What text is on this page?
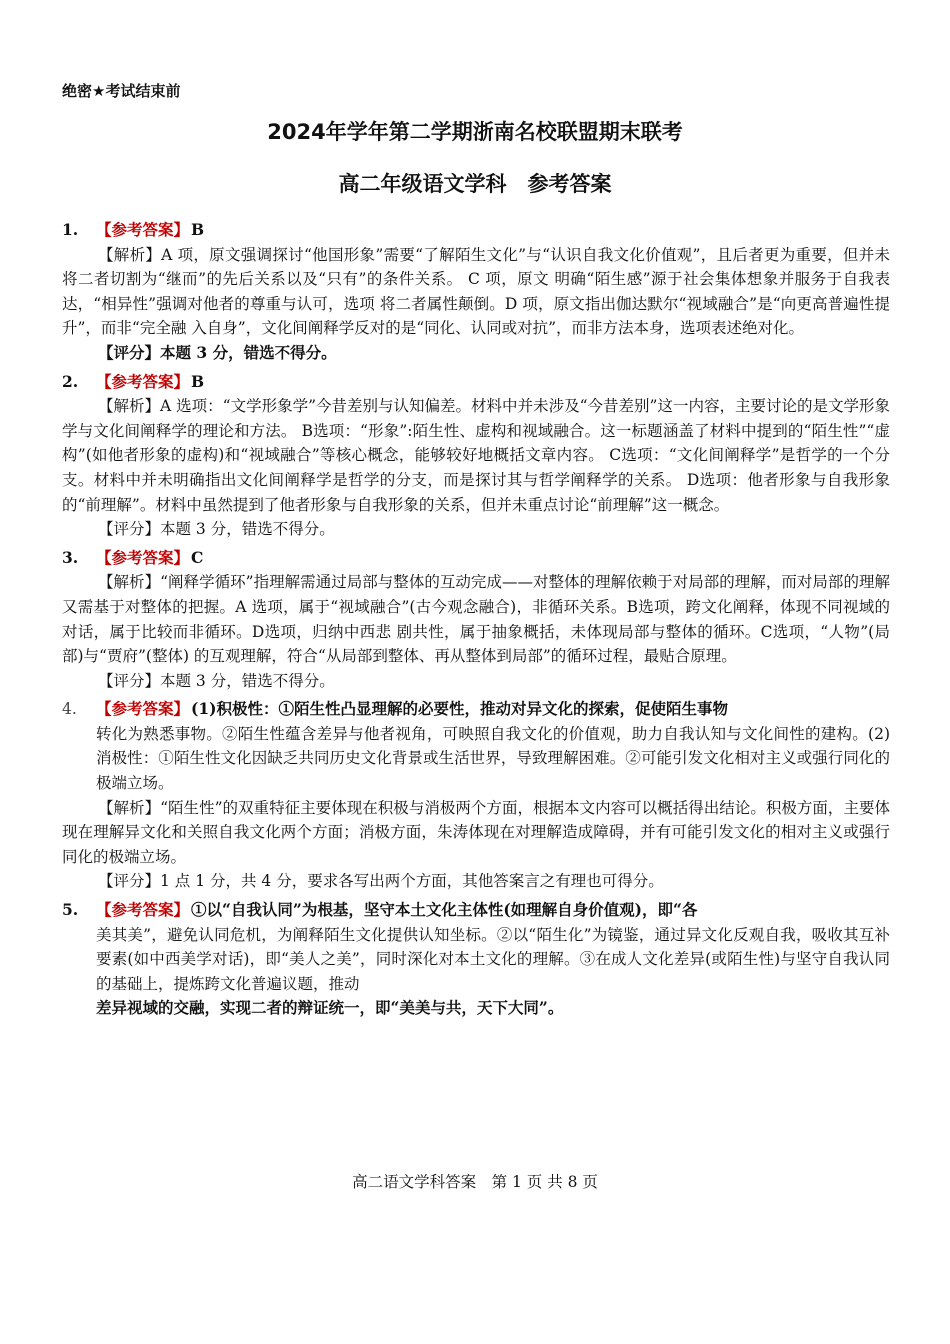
绝密★考试结束前
2024年学年第二学期浙南名校联盟期末联考
高二年级语文学科　参考答案
1.	【参考答案】 B

【解析】A 项，原文强调探讨“他国形象”需要“了解陌生文化”与“认识自我文化价值观”，且后者更为重要，但并未将二者切割为“继而”的先后关系以及“只有”的条件关系。 C 项，原文 明确“陌生感”源于社会集体想象并服务于自我表达，“相异性”强调对他者的尊重与认可，选项 将二者属性颠倒。D 项，原文指出伽达默尔“视域融合”是“向更高普遍性提升”，而非“完全融 入自身”，文化间阐释学反对的是“同化、认同或对抗”，而非方法本身，选项表述绝对化。

【评分】本题 3 分，错选不得分。

2.	【参考答案】 B

【解析】A 选项：“文学形象学”今昔差别与认知偏差。材料中并未涉及“今昔差别”这一内容，主要讨论的是文学形象学与文化间阐释学的理论和方法。 B选项：“形象”:陌生性、虚构和视域融合。这一标题涵盖了材料中提到的“陌生性”“虚构”(如他者形象的虚构)和“视域融合”等核心概念，能够较好地概括文章内容。 C选项：“文化间阐释学”是哲学的一个分支。材料中并未明确指出文化间阐释学是哲学的分支，而是探讨其与哲学阐释学的关系。 D选项：他者形象与自我形象的“前理解”。材料中虽然提到了他者形象与自我形象的关系，但并未重点讨论“前理解”这一概念。

【评分】本题 3 分，错选不得分。

3.	【参考答案】 C

【解析】“阐释学循环”指理解需通过局部与整体的互动完成——对整体的理解依赖于对局部的理解，而对局部的理解又需基于对整体的把握。A 选项，属于“视域融合”(古今观念融合)，非循环关系。B选项，跨文化阐释，体现不同视域的对话，属于比较而非循环。D选项，归纳中西悲 剧共性，属于抽象概括，未体现局部与整体的循环。C选项，“人物”(局部)与“贾府”(整体) 的互观理解，符合“从局部到整体、再从整体到局部”的循环过程，最贴合原理。

【评分】本题 3 分，错选不得分。

4.	【参考答案】 (1)积极性：①陌生性凸显理解的必要性，推动对异文化的探索，促使陌生事物

转化为熟悉事物。②陌生性蕴含差异与他者视角，可映照自我文化的价值观，助力自我认知与文化间性的建构。(2)消极性：①陌生性文化因缺乏共同历史文化背景或生活世界，导致理解困难。②可能引发文化相对主义或强行同化的极端立场。

【解析】“陌生性”的双重特征主要体现在积极与消极两个方面，根据本文内容可以概括得出结论。积极方面，主要体现在理解异文化和关照自我文化两个方面；消极方面，朱涛体现在对理解造成障碍，并有可能引发文化的相对主义或强行同化的极端立场。

【评分】1 点 1 分，共 4 分，要求各写出两个方面，其他答案言之有理也可得分。

5.	【参考答案】 ①以“自我认同”为根基，坚守本土文化主体性(如理解自身价值观)，即“各

美其美”，避免认同危机，为阐释陌生文化提供认知坐标。②以“陌生化”为镜鉴，通过异文化反观自我，吸收其互补要素(如中西美学对话)，即“美人之美”，同时深化对本土文化的理解。③在成人文化差异(或陌生性)与坚守自我认同的基础上，提炼跨文化普遍议题，推动

差异视域的交融，实现二者的辩证统一，即“美美与共，天下大同”。

高二语文学科答案　第 1 页 共 8 页
